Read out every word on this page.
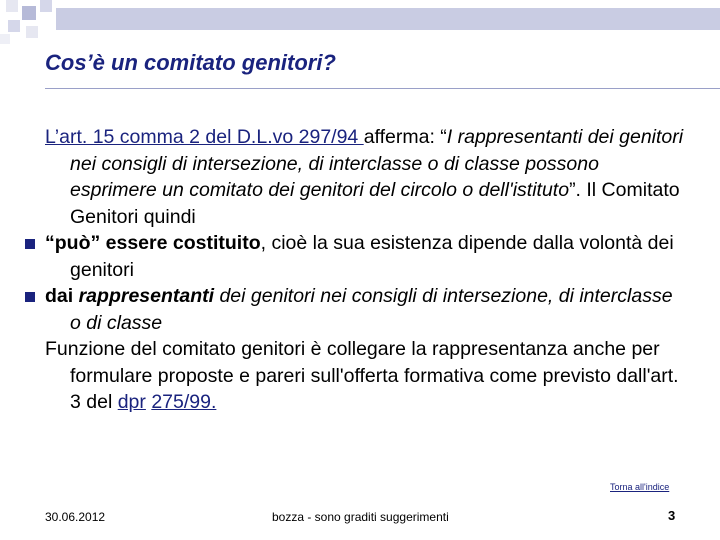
Cos’è un comitato genitori?

L’art. 15 comma 2 del D.L.vo 297/94 afferma: “I rappresentanti dei genitori nei consigli di intersezione, di interclasse o di classe possono esprimere un comitato dei genitori del circolo o dell'istituto”. Il Comitato Genitori quindi

“può” essere costituito, cioè la sua esistenza dipende dalla volontà dei genitori

dai rappresentanti dei genitori nei consigli di intersezione, di interclasse o di classe

Funzione del comitato genitori è collegare la rappresentanza anche per formulare proposte e pareri sull'offerta formativa come previsto dall'art. 3 del dpr 275/99.

Torna all'indice
30.06.2012	bozza - sono graditi suggerimenti	3
